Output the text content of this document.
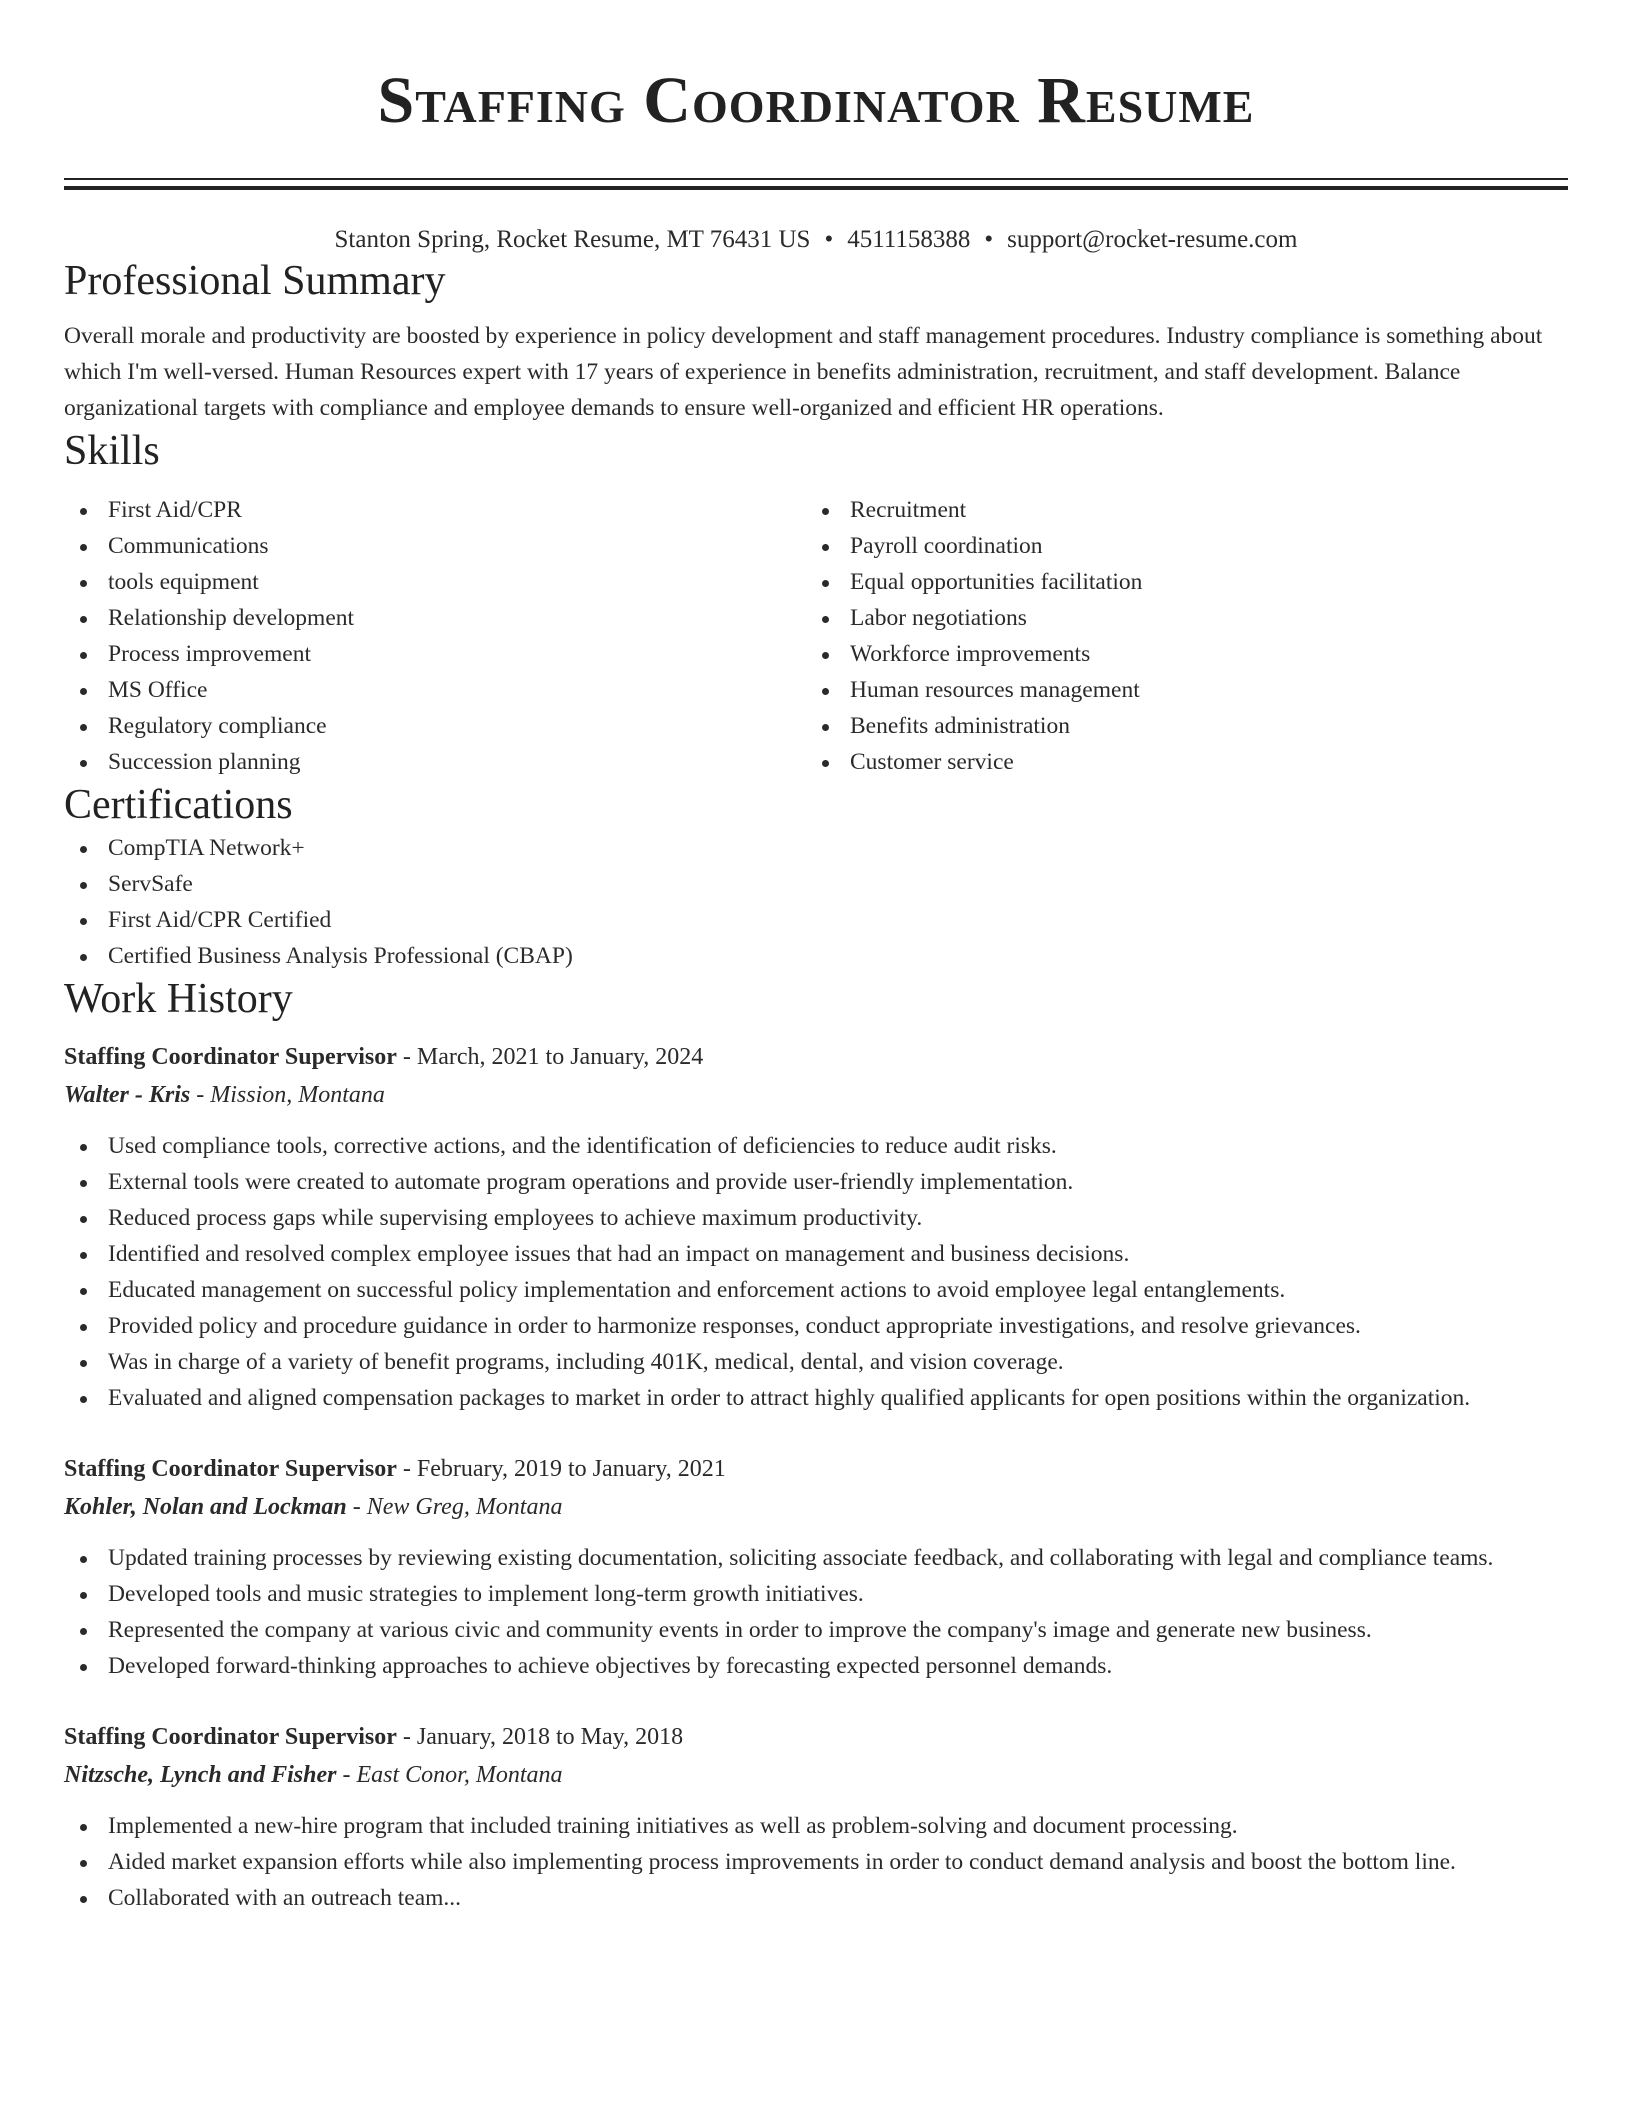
Staffing Coordinator Resume
Stanton Spring, Rocket Resume, MT 76431 US • 4511158388 • support@rocket-resume.com
Professional Summary

Overall morale and productivity are boosted by experience in policy development and staff management procedures. Industry compliance is something about which I'm well-versed. Human Resources expert with 17 years of experience in benefits administration, recruitment, and staff development. Balance organizational targets with compliance and employee demands to ensure well-organized and efficient HR operations.

Skills
First Aid/CPR
Communications
tools equipment
Relationship development
Process improvement
MS Office
Regulatory compliance
Succession planning
Recruitment
Payroll coordination
Equal opportunities facilitation
Labor negotiations
Workforce improvements
Human resources management
Benefits administration
Customer service
Certifications
CompTIA Network+
ServSafe
First Aid/CPR Certified
Certified Business Analysis Professional (CBAP)
Work History
Staffing Coordinator Supervisor - March, 2021 to January, 2024
Walter - Kris - Mission, Montana
Used compliance tools, corrective actions, and the identification of deficiencies to reduce audit risks.
External tools were created to automate program operations and provide user-friendly implementation.
Reduced process gaps while supervising employees to achieve maximum productivity.
Identified and resolved complex employee issues that had an impact on management and business decisions.
Educated management on successful policy implementation and enforcement actions to avoid employee legal entanglements.
Provided policy and procedure guidance in order to harmonize responses, conduct appropriate investigations, and resolve grievances.
Was in charge of a variety of benefit programs, including 401K, medical, dental, and vision coverage.
Evaluated and aligned compensation packages to market in order to attract highly qualified applicants for open positions within the organization.
Staffing Coordinator Supervisor - February, 2019 to January, 2021
Kohler, Nolan and Lockman - New Greg, Montana
Updated training processes by reviewing existing documentation, soliciting associate feedback, and collaborating with legal and compliance teams.
Developed tools and music strategies to implement long-term growth initiatives.
Represented the company at various civic and community events in order to improve the company's image and generate new business.
Developed forward-thinking approaches to achieve objectives by forecasting expected personnel demands.
Staffing Coordinator Supervisor - January, 2018 to May, 2018
Nitzsche, Lynch and Fisher - East Conor, Montana
Implemented a new-hire program that included training initiatives as well as problem-solving and document processing.
Aided market expansion efforts while also implementing process improvements in order to conduct demand analysis and boost the bottom line.
Collaborated with an outreach team...
